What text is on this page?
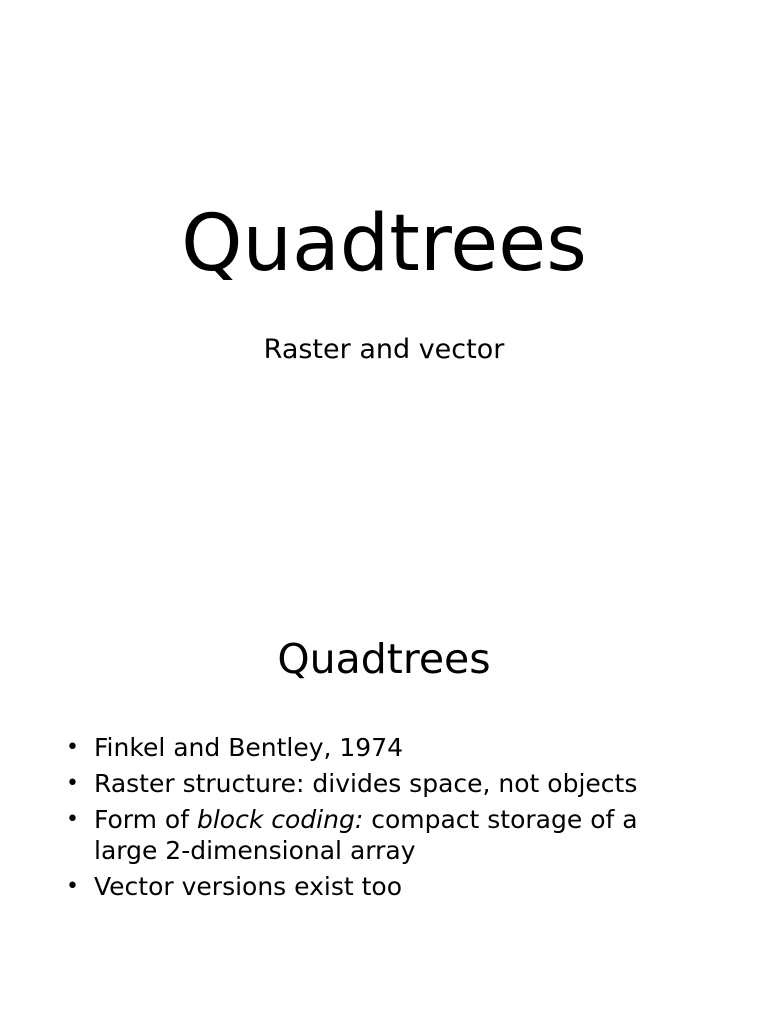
Quadtrees

Raster and vector

Quadtrees
• Finkel and Bentley, 1974
• Raster structure: divides space, not objects
• Form of block coding: compact storage of a large 2-dimensional array
• Vector versions exist too
